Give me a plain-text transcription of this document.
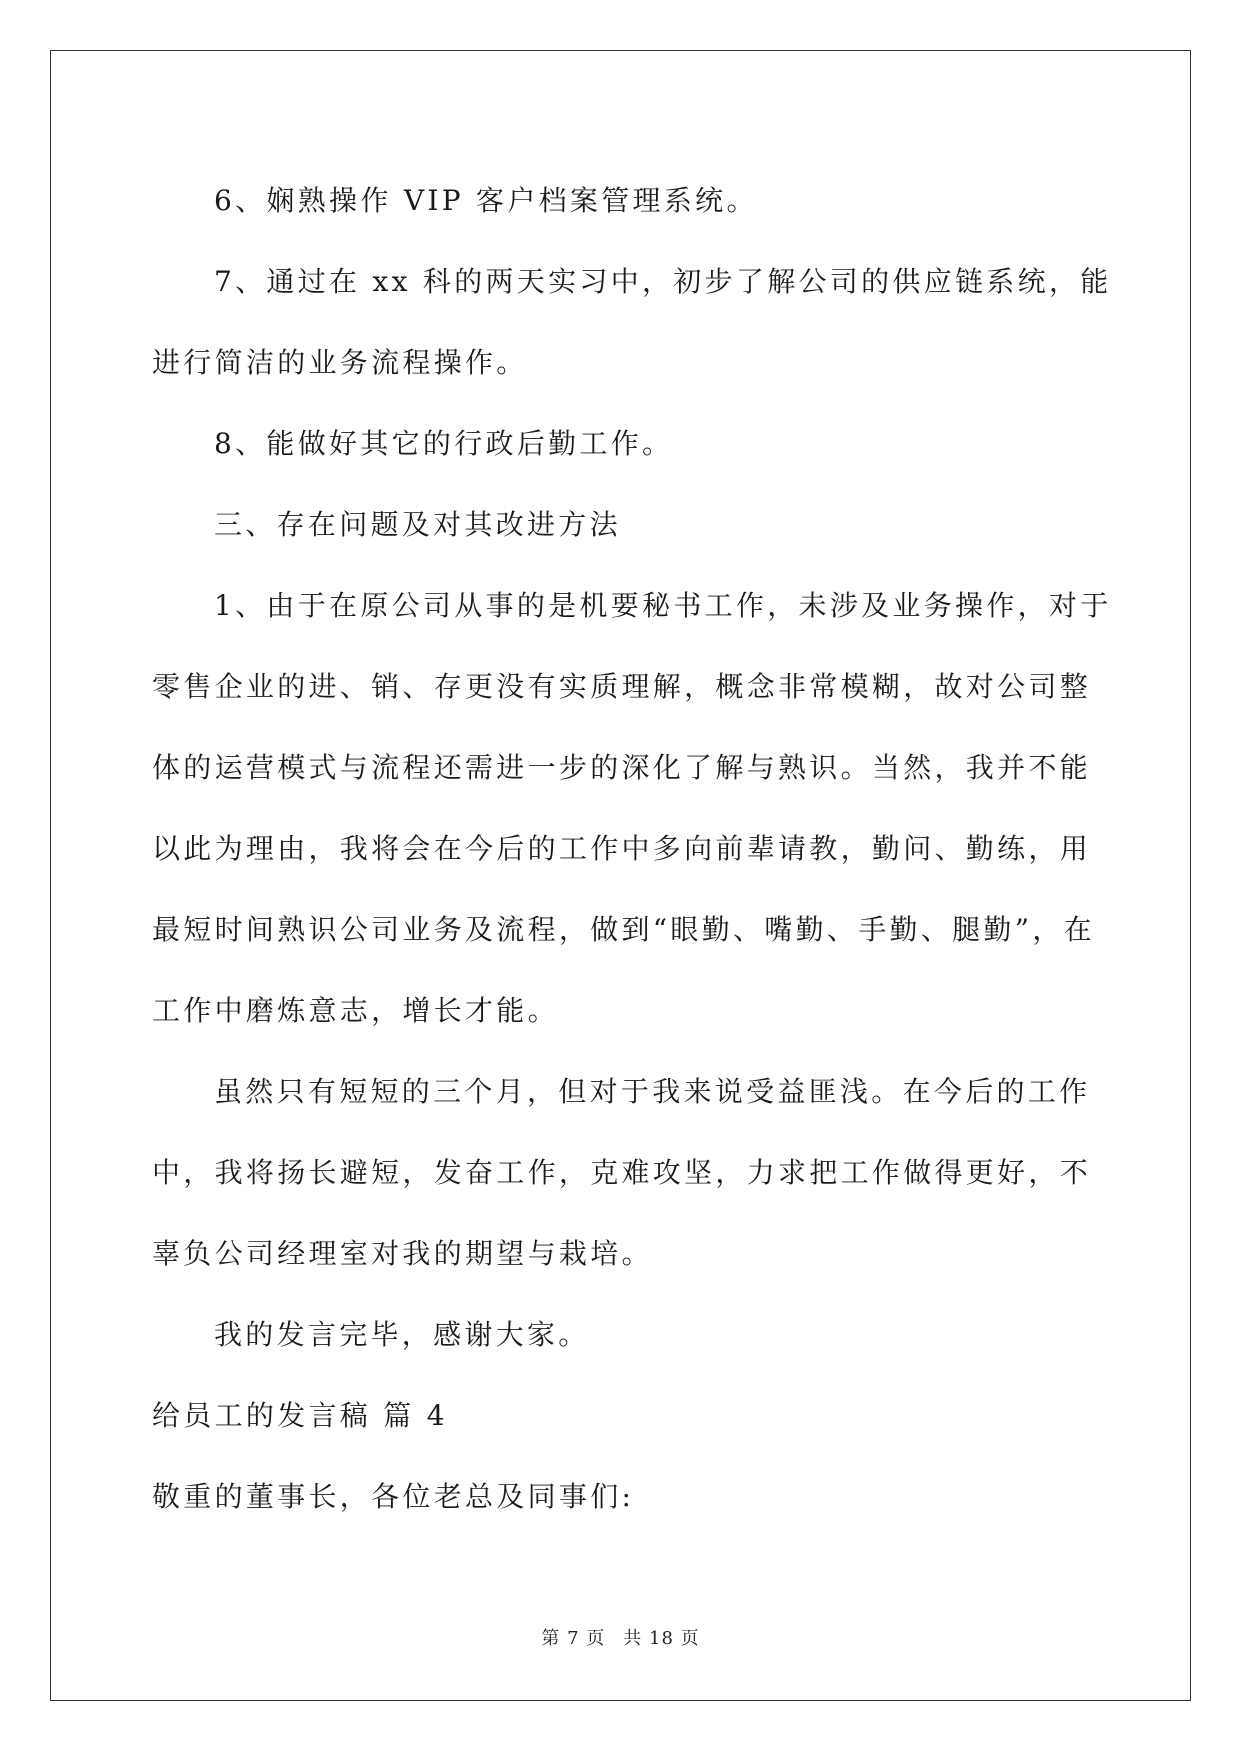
6、娴熟操作 VIP 客户档案管理系统。

7、通过在 xx 科的两天实习中，初步了解公司的供应链系统，能

进行简洁的业务流程操作。

8、能做好其它的行政后勤工作。

三、存在问题及对其改进方法

1、由于在原公司从事的是机要秘书工作，未涉及业务操作，对于

零售企业的进、销、存更没有实质理解，概念非常模糊，故对公司整

体的运营模式与流程还需进一步的深化了解与熟识。当然，我并不能

以此为理由，我将会在今后的工作中多向前辈请教，勤问、勤练，用

最短时间熟识公司业务及流程，做到“眼勤、嘴勤、手勤、腿勤”，在

工作中磨炼意志，增长才能。

虽然只有短短的三个月，但对于我来说受益匪浅。在今后的工作

中，我将扬长避短，发奋工作，克难攻坚，力求把工作做得更好，不

辜负公司经理室对我的期望与栽培。

我的发言完毕，感谢大家。

给员工的发言稿 篇 4

敬重的董事长，各位老总及同事们:

第 7 页 共 18 页
